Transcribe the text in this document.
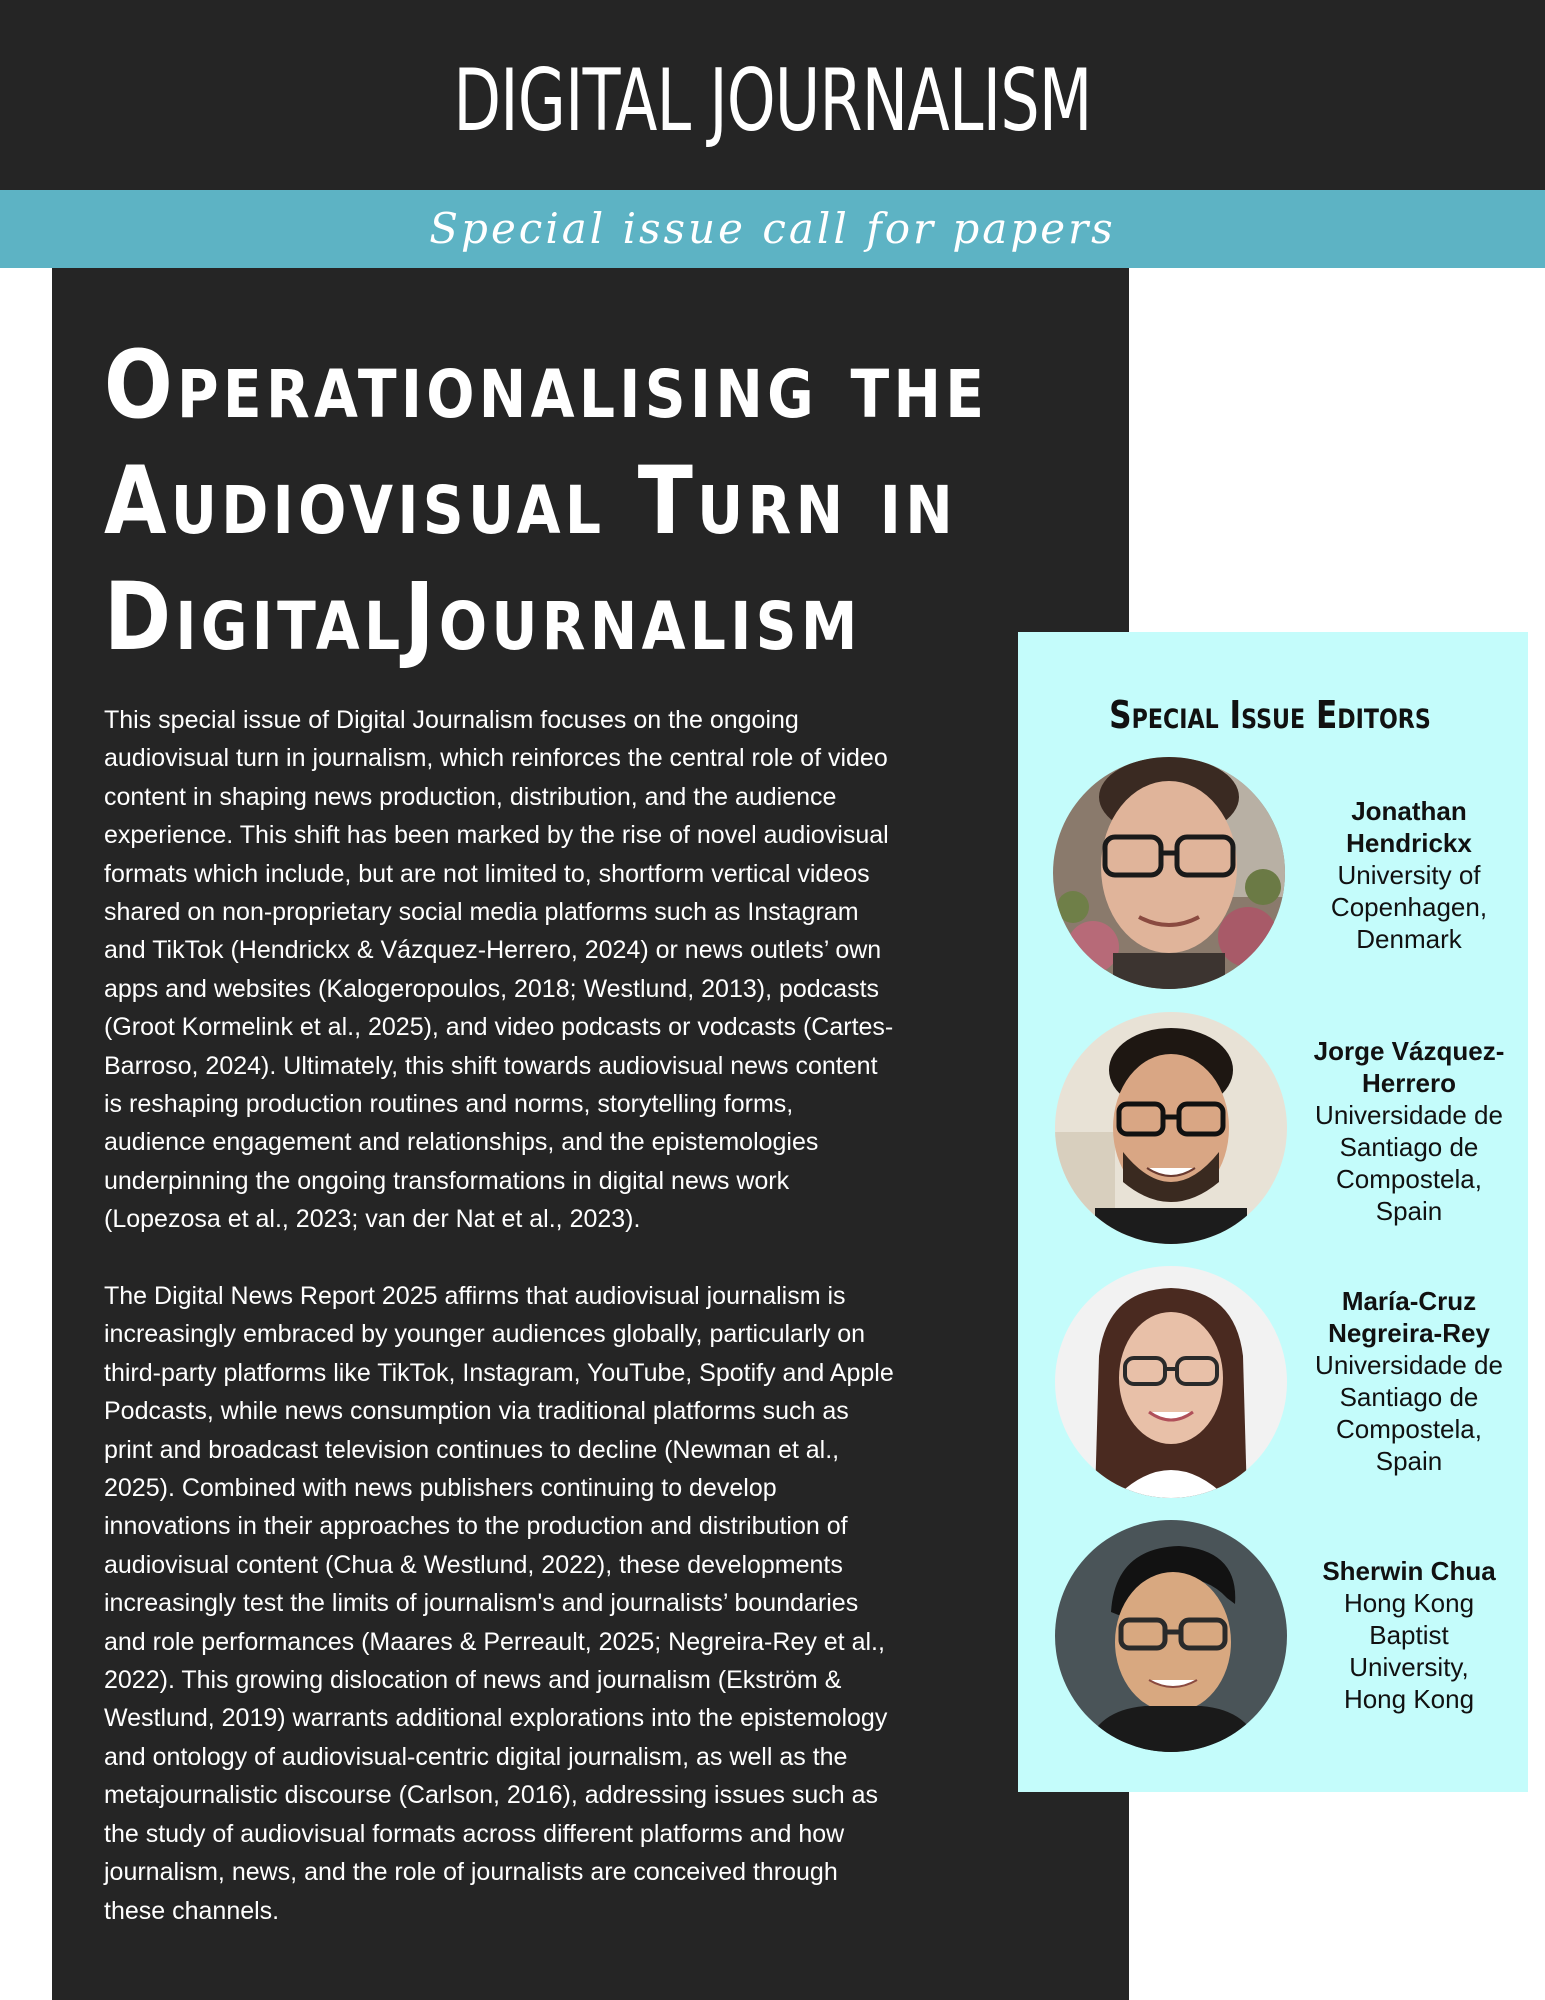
DIGITAL JOURNALISM
Special issue call for papers
Operationalising the
Audiovisual Turn in
DigitalJournalism

This special issue of Digital Journalism focuses on the ongoing
audiovisual turn in journalism, which reinforces the central role of video
content in shaping news production, distribution, and the audience
experience. This shift has been marked by the rise of novel audiovisual
formats which include, but are not limited to, shortform vertical videos
shared on non-proprietary social media platforms such as Instagram
and TikTok (Hendrickx & Vázquez-Herrero, 2024) or news outlets’ own
apps and websites (Kalogeropoulos, 2018; Westlund, 2013), podcasts
(Groot Kormelink et al., 2025), and video podcasts or vodcasts (Cartes-
Barroso, 2024). Ultimately, this shift towards audiovisual news content
is reshaping production routines and norms, storytelling forms,
audience engagement and relationships, and the epistemologies
underpinning the ongoing transformations in digital news work
(Lopezosa et al., 2023; van der Nat et al., 2023).

The Digital News Report 2025 affirms that audiovisual journalism is
increasingly embraced by younger audiences globally, particularly on
third-party platforms like TikTok, Instagram, YouTube, Spotify and Apple
Podcasts, while news consumption via traditional platforms such as
print and broadcast television continues to decline (Newman et al.,
2025). Combined with news publishers continuing to develop
innovations in their approaches to the production and distribution of
audiovisual content (Chua & Westlund, 2022), these developments
increasingly test the limits of journalism's and journalists’ boundaries
and role performances (Maares & Perreault, 2025; Negreira-Rey et al.,
2022). This growing dislocation of news and journalism (Ekström &
Westlund, 2019) warrants additional explorations into the epistemology
and ontology of audiovisual-centric digital journalism, as well as the
metajournalistic discourse (Carlson, 2016), addressing issues such as
the study of audiovisual formats across different platforms and how
journalism, news, and the role of journalists are conceived through
these channels.

Special Issue Editors
Jonathan
Hendrickx
University of
Copenhagen,
Denmark
Jorge Vázquez-
Herrero
Universidade de
Santiago de
Compostela,
Spain
María-Cruz
Negreira-Rey
Universidade de
Santiago de
Compostela,
Spain
Sherwin Chua
Hong Kong
Baptist
University,
Hong Kong
